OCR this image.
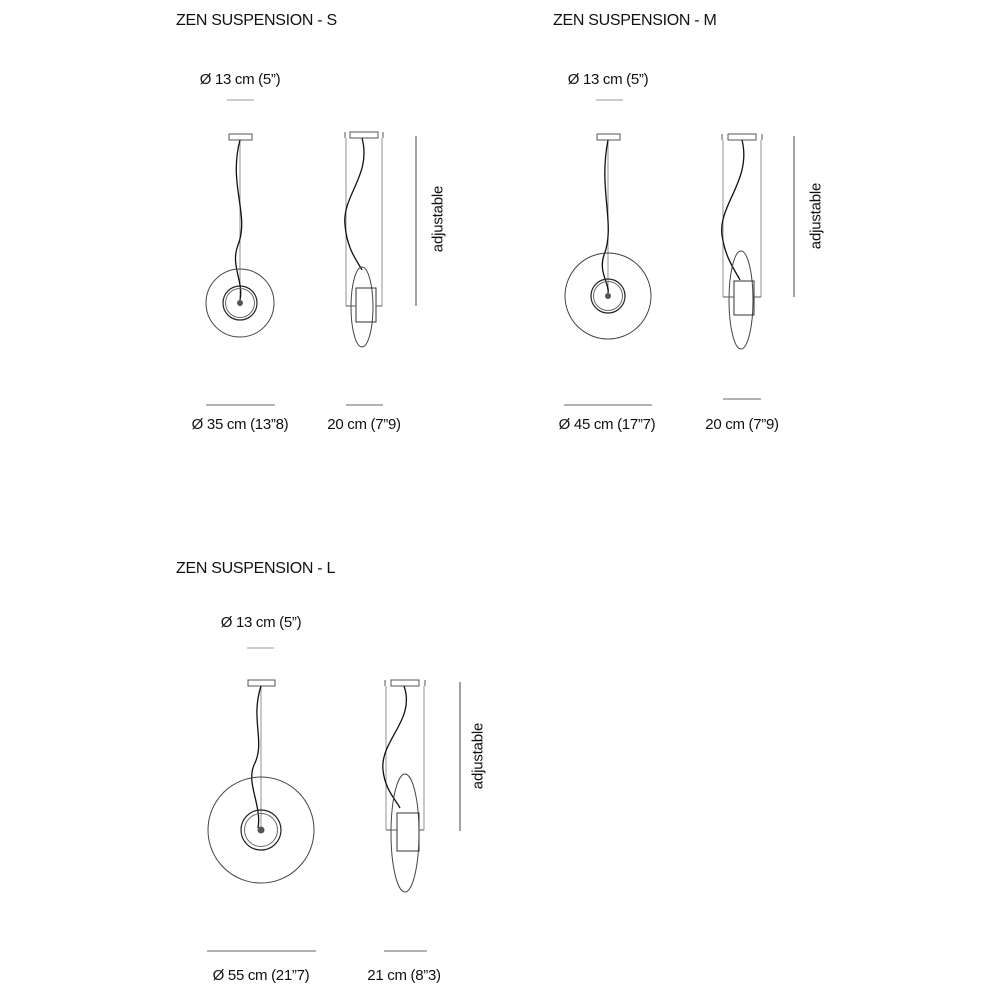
ZEN SUSPENSION - S
Ø 13 cm (5”)
Ø 35 cm (13”8)	20 cm (7”9)
adjustable
ZEN SUSPENSION - M
Ø 13 cm (5”)
Ø 45 cm (17”7)	20 cm (7”9)
adjustable
ZEN SUSPENSION - L
Ø 13 cm (5”)
Ø 55 cm (21”7)	21 cm (8”3)
adjustable
